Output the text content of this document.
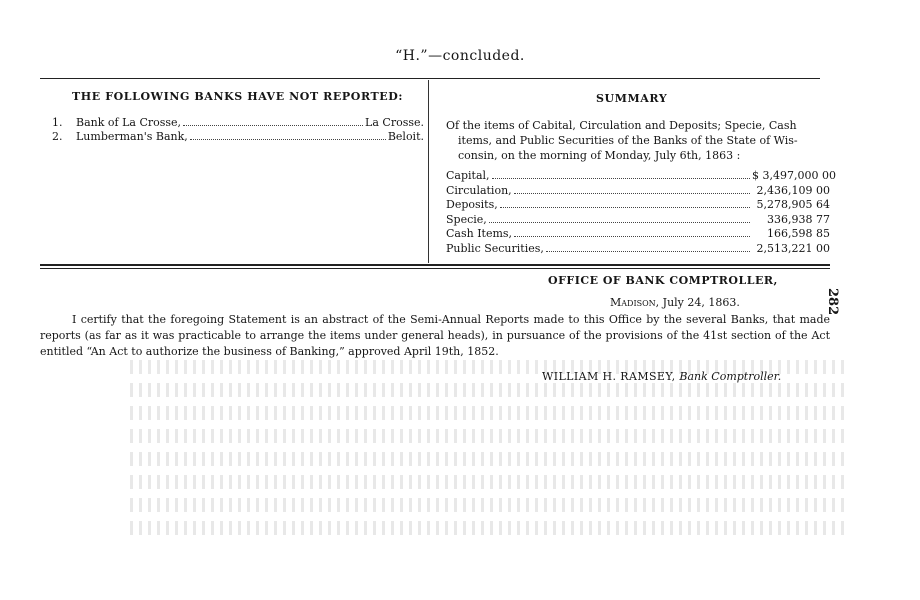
“H.”—concluded.
THE FOLLOWING BANKS HAVE NOT REPORTED:
1.	Bank of La Crosse,	La Crosse.
2.	Lumberman's Bank,	Beloit.
SUMMARY
Of the items of Cabital, Circulation and Deposits; Specie, Cash
items, and Public Securities of the Banks of the State of Wis-
consin, on the morning of Monday, July 6th, 1863 :
Capital,	$ 3,497,000 00
Circulation,	2,436,109 00
Deposits,	5,278,905 64
Specie,	336,938 77
Cash Items,	166,598 85
Public Securities,	2,513,221 00
OFFICE OF BANK COMPTROLLER,
Madison, July 24, 1863.
I certify that the foregoing Statement is an abstract of the Semi-Annual Reports made to this Office by the several Banks, that made reports (as far as it was practicable to arrange the items under general heads), in pursuance of the provisions of the 41st section of the Act entitled “An Act to authorize the business of Banking,” approved April 19th, 1852.
WILLIAM H. RAMSEY, Bank Comptroller.
282
